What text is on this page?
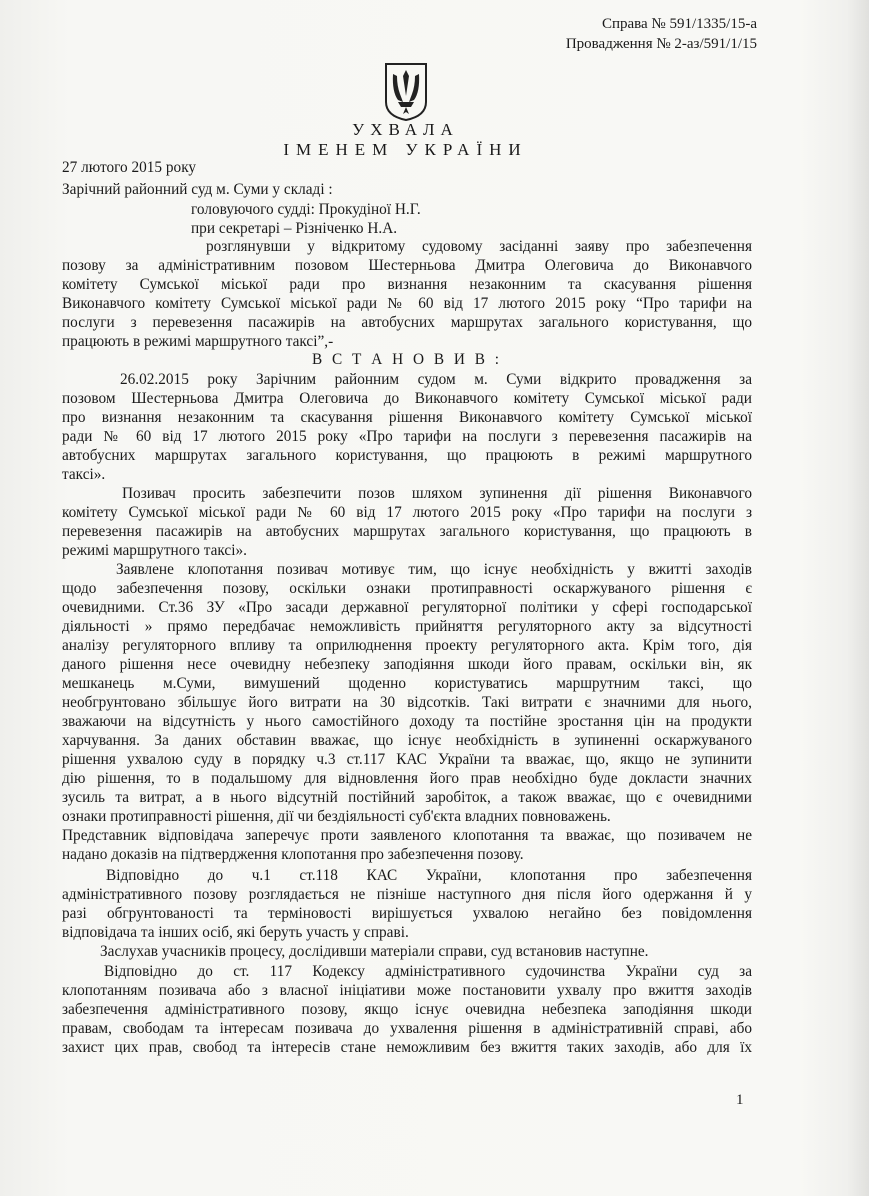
Справа № 591/1335/15-а
Провадження № 2-аз/591/1/15
УХВАЛА
ІМЕНЕМ УКРАЇНИ
27 лютого 2015 року
Зарічний районний суд м. Суми у складі :
головуючого судді: Прокудіної Н.Г.
при секретарі – Різніченко Н.А.
розглянувши у відкритому судовому засіданні заяву про забезпечення
позову за адміністративним позовом Шестерньова Дмитра Олеговича до Виконавчого
комітету Сумської міської ради про визнання незаконним та скасування рішення
Виконавчого комітету Сумської міської ради № 60 від 17 лютого 2015 року “Про тарифи на
послуги з перевезення пасажирів на автобусних маршрутах загального користування, що
працюють в режимі маршрутного таксі”,-
В С Т А Н О В И В :
26.02.2015 року Зарічним районним судом м. Суми відкрито провадження за
позовом Шестерньова Дмитра Олеговича до Виконавчого комітету Сумської міської ради
про визнання незаконним та скасування рішення Виконавчого комітету Сумської міської
ради № 60 від 17 лютого 2015 року «Про тарифи на послуги з перевезення пасажирів на
автобусних маршрутах загального користування, що працюють в режимі маршрутного
таксі».
Позивач просить забезпечити позов шляхом зупинення дії рішення Виконавчого
комітету Сумської міської ради № 60 від 17 лютого 2015 року «Про тарифи на послуги з
перевезення пасажирів на автобусних маршрутах загального користування, що працюють в
режимі маршрутного таксі».
Заявлене клопотання позивач мотивує тим, що існує необхідність у вжитті заходів
щодо забезпечення позову, оскільки ознаки протиправності оскаржуваного рішення є
очевидними. Ст.36 ЗУ «Про засади державної регуляторної політики у сфері господарської
діяльності » прямо передбачає неможливість прийняття регуляторного акту за відсутності
аналізу регуляторного впливу та оприлюднення проекту регуляторного акта. Крім того, дія
даного рішення несе очевидну небезпеку заподіяння шкоди його правам, оскільки він, як
мешканець м.Суми, вимушений щоденно користуватись маршрутним таксі, що
необгрунтовано збільшує його витрати на 30 відсотків. Такі витрати є значними для нього,
зважаючи на відсутність у нього самостійного доходу та постійне зростання цін на продукти
харчування. За даних обставин вважає, що існує необхідність в зупиненні оскаржуваного
рішення ухвалою суду в порядку ч.3 ст.117 КАС України та вважає, що, якщо не зупинити
дію рішення, то в подальшому для відновлення його прав необхідно буде докласти значних
зусиль та витрат, а в нього відсутній постійний заробіток, а також вважає, що є очевидними
ознаки протиправності рішення, дії чи бездіяльності суб'єкта владних повноважень.
Представник відповідача заперечує проти заявленого клопотання та вважає, що позивачем не
надано доказів на підтвердження клопотання про забезпечення позову.
Відповідно до ч.1 ст.118 КАС України, клопотання про забезпечення
адміністративного позову розглядається не пізніше наступного дня після його одержання й у
разі обгрунтованості та терміновості вирішується ухвалою негайно без повідомлення
відповідача та інших осіб, які беруть участь у справі.
Заслухав учасників процесу, дослідивши матеріали справи, суд встановив наступне.
Відповідно до ст. 117 Кодексу адміністративного судочинства України суд за
клопотанням позивача або з власної ініціативи може постановити ухвалу про вжиття заходів
забезпечення адміністративного позову, якщо існує очевидна небезпека заподіяння шкоди
правам, свободам та інтересам позивача до ухвалення рішення в адміністративній справі, або
захист цих прав, свобод та інтересів стане неможливим без вжиття таких заходів, або для їх
1
